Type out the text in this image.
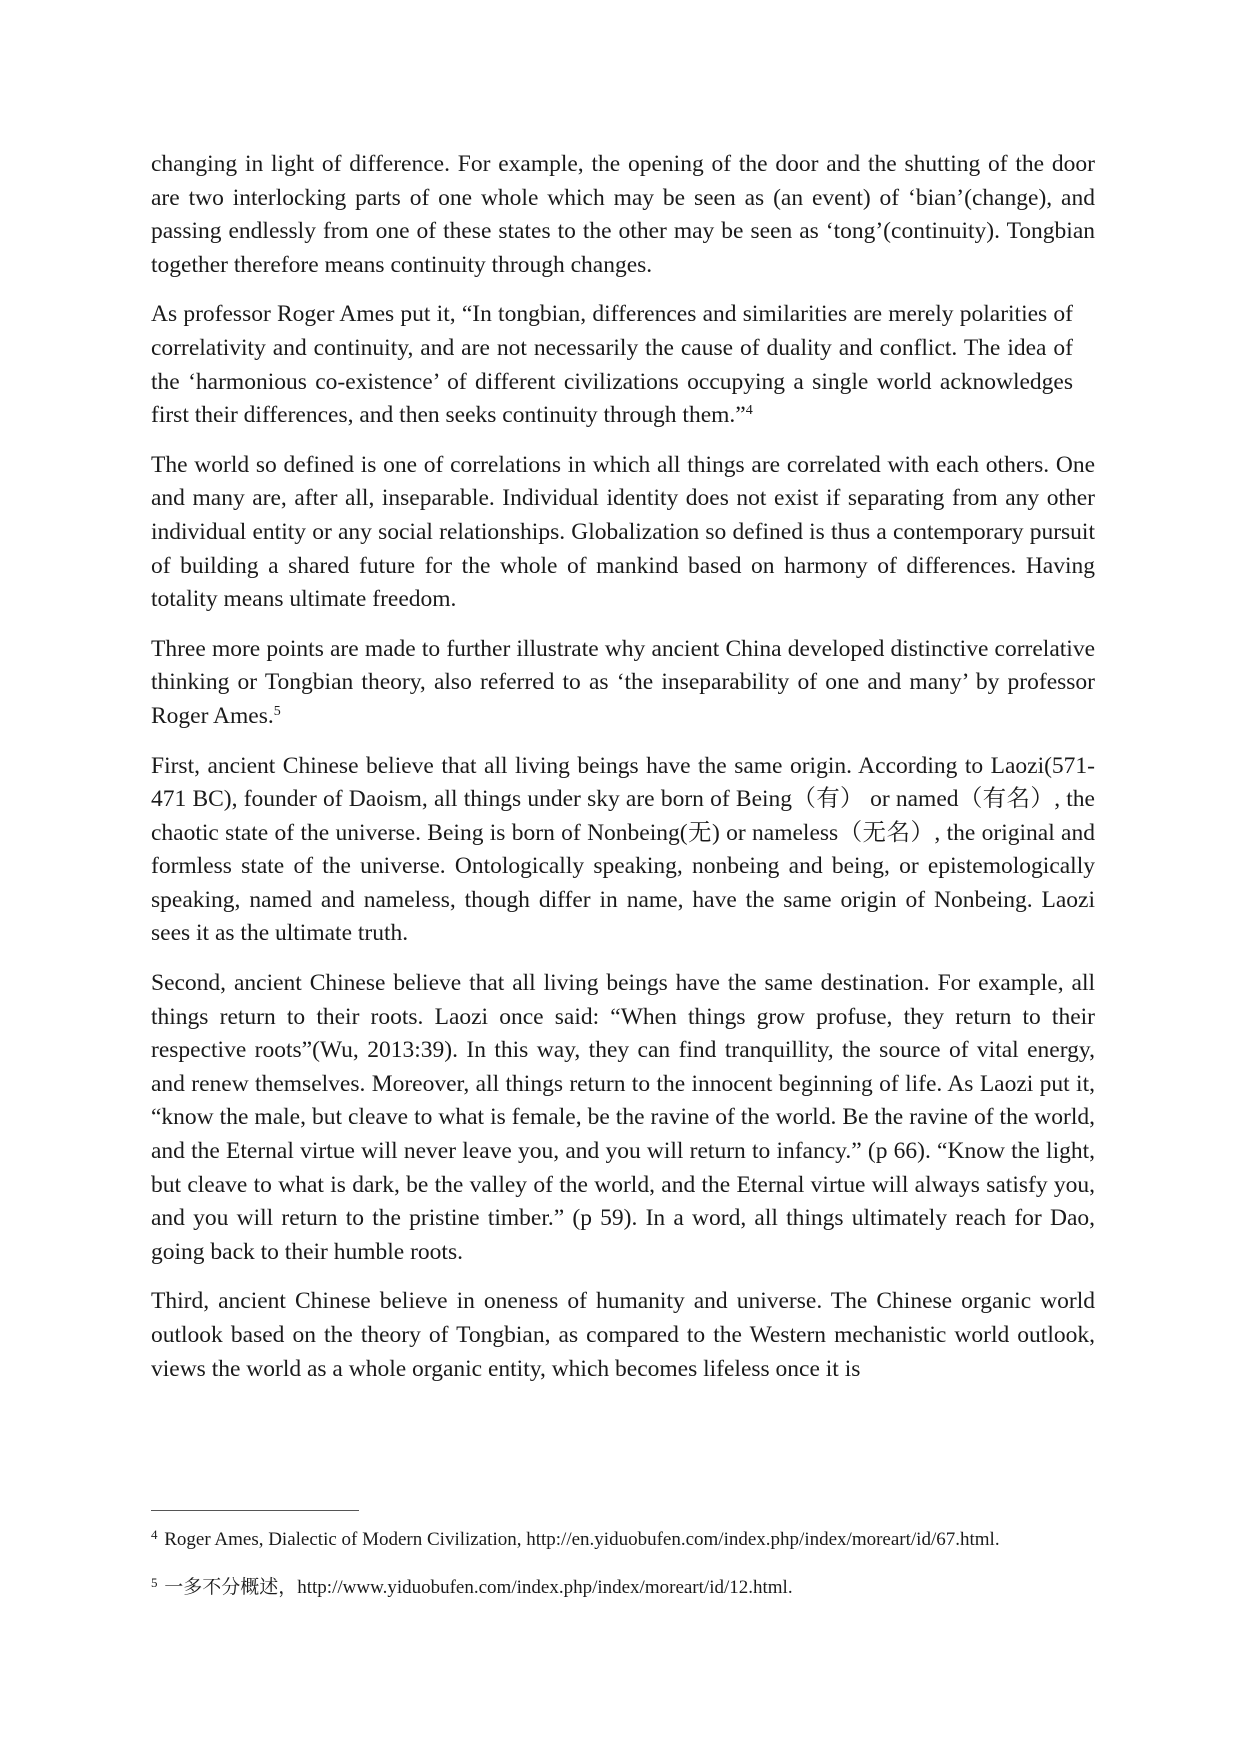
changing in light of difference. For example, the opening of the door and the shutting of the door are two interlocking parts of one whole which may be seen as (an event) of ‘bian’(change), and passing endlessly from one of these states to the other may be seen as ‘tong’(continuity). Tongbian together therefore means continuity through changes.

As professor Roger Ames put it, “In tongbian, differences and similarities are merely polarities of correlativity and continuity, and are not necessarily the cause of duality and conflict. The idea of the ‘harmonious co-existence’ of different civilizations occupying a single world acknowledges first their differences, and then seeks continuity through them.”$^4$

The world so defined is one of correlations in which all things are correlated with each others. One and many are, after all, inseparable. Individual identity does not exist if separating from any other individual entity or any social relationships. Globalization so defined is thus a contemporary pursuit of building a shared future for the whole of mankind based on harmony of differences. Having totality means ultimate freedom.

Three more points are made to further illustrate why ancient China developed distinctive correlative thinking or Tongbian theory, also referred to as ‘the inseparability of one and many’ by professor Roger Ames.$^5$

First, ancient Chinese believe that all living beings have the same origin. According to Laozi(571-471 BC), founder of Daoism, all things under sky are born of Being（有） or named（有名）, the chaotic state of the universe. Being is born of Nonbeing(无) or nameless（无名）, the original and formless state of the universe. Ontologically speaking, nonbeing and being, or epistemologically speaking, named and nameless, though differ in name, have the same origin of Nonbeing. Laozi sees it as the ultimate truth.

Second, ancient Chinese believe that all living beings have the same destination. For example, all things return to their roots. Laozi once said: “When things grow profuse, they return to their respective roots”(Wu, 2013:39). In this way, they can find tranquillity, the source of vital energy, and renew themselves. Moreover, all things return to the innocent beginning of life. As Laozi put it, “know the male, but cleave to what is female, be the ravine of the world. Be the ravine of the world, and the Eternal virtue will never leave you, and you will return to infancy.” (p 66). “Know the light, but cleave to what is dark, be the valley of the world, and the Eternal virtue will always satisfy you, and you will return to the pristine timber.” (p 59). In a word, all things ultimately reach for Dao, going back to their humble roots.

Third, ancient Chinese believe in oneness of humanity and universe. The Chinese organic world outlook based on the theory of Tongbian, as compared to the Western mechanistic world outlook, views the world as a whole organic entity, which becomes lifeless once it is

$^4$ Roger Ames, Dialectic of Modern Civilization, http://en.yiduobufen.com/index.php/index/moreart/id/67.html.

$^5$ 一多不分概述，http://www.yiduobufen.com/index.php/index/moreart/id/12.html.
